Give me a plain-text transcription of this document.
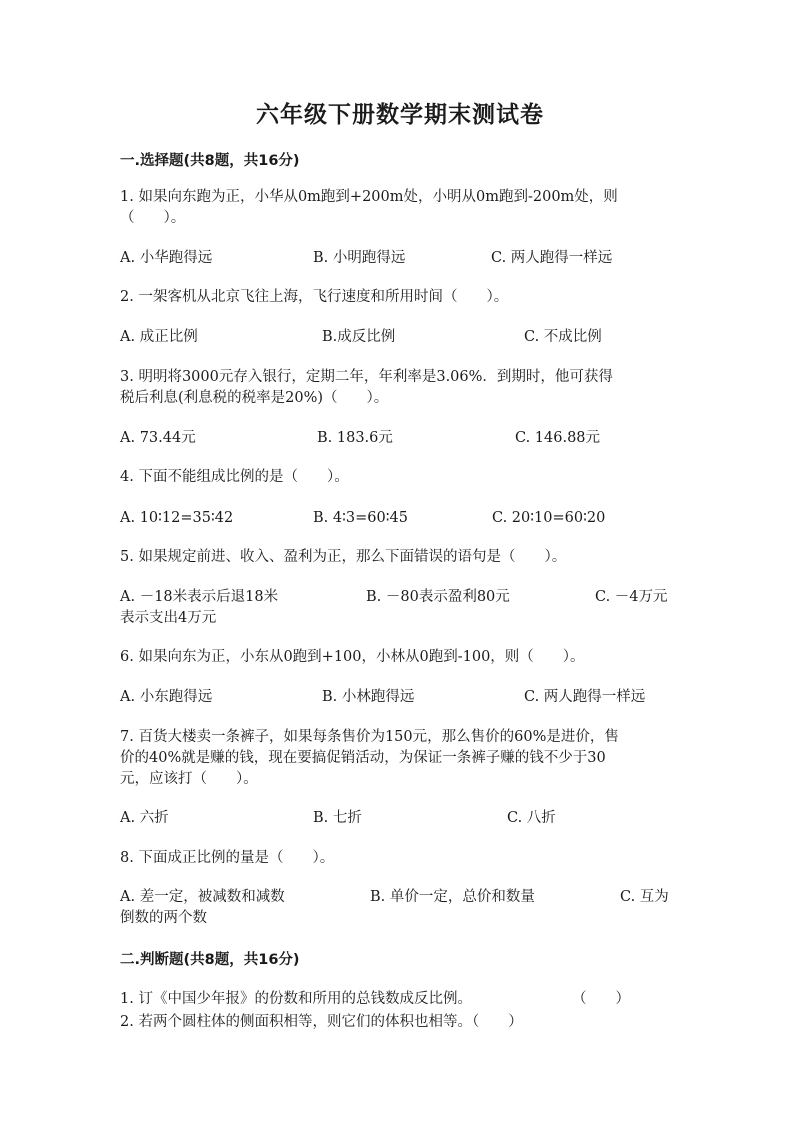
六年级下册数学期末测试卷
一.选择题(共8题，共16分)
1. 如果向东跑为正，小华从0m跑到+200m处，小明从0m跑到-200m处，则
（　　）。
A. 小华跑得远	B. 小明跑得远	C. 两人跑得一样远
2. 一架客机从北京飞往上海，飞行速度和所用时间（　　）。
A. 成正比例	B.成反比例	C. 不成比例
3. 明明将3000元存入银行，定期二年，年利率是3.06%．到期时，他可获得
税后利息(利息税的税率是20%)（　　）。
A. 73.44元	B. 183.6元	C. 146.88元
4. 下面不能组成比例的是（　　）。
A. 10∶12=35∶42	B. 4∶3=60∶45	C. 20∶10=60∶20
5. 如果规定前进、收入、盈利为正，那么下面错误的语句是（　　）。
A. －18米表示后退18米	B. －80表示盈利80元	C. －4万元
表示支出4万元
6. 如果向东为正，小东从0跑到+100，小林从0跑到-100，则（　　）。
A. 小东跑得远	B. 小林跑得远	C. 两人跑得一样远
7. 百货大楼卖一条裤子，如果每条售价为150元，那么售价的60%是进价，售
价的40%就是赚的钱，现在要搞促销活动，为保证一条裤子赚的钱不少于30
元，应该打（　　）。
A. 六折	B. 七折	C. 八折
8. 下面成正比例的量是（　　）。
A. 差一定，被减数和减数	B. 单价一定，总价和数量	C. 互为
倒数的两个数
二.判断题(共8题，共16分)
1. 订《中国少年报》的份数和所用的总钱数成反比例。	（　　）
2. 若两个圆柱体的侧面积相等，则它们的体积也相等。（　　）
